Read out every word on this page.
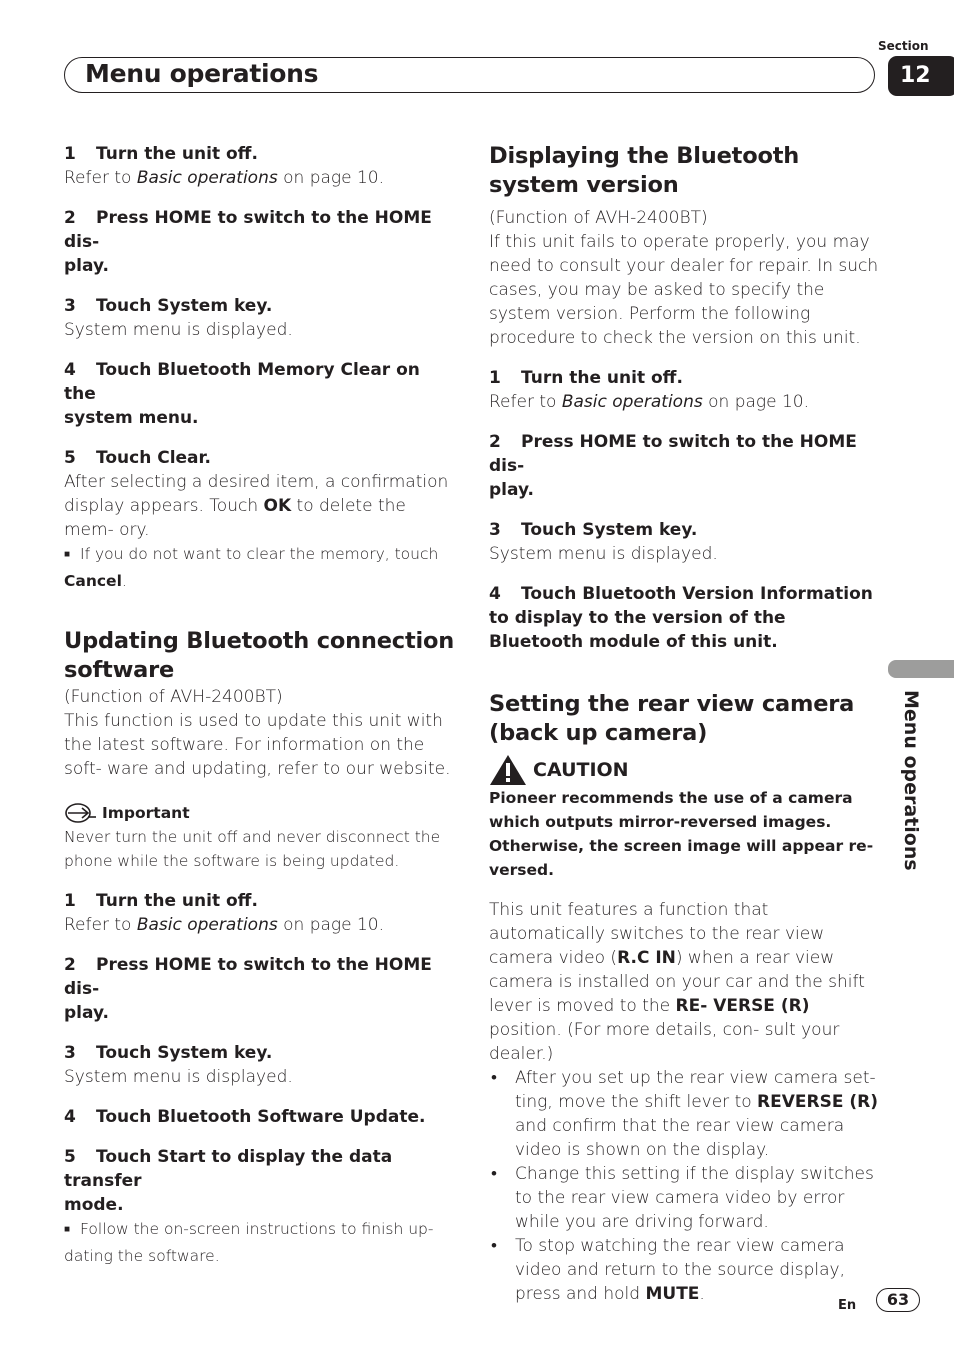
Section
12
Menu operations

1 Turn the unit off.

Refer to Basic operations on page 10.

2 Press HOME to switch to the HOME dis-
play.

3 Touch System key.

System menu is displayed.

4 Touch Bluetooth Memory Clear on the
system menu.

5 Touch Clear.

After selecting a desired item, a confirmation display appears. Touch OK to delete the mem- ory.

■ If you do not want to clear the memory, touch Cancel.

Updating Bluetooth connection
software

(Function of AVH-2400BT)

This function is used to update this unit with the latest software. For information on the soft- ware and updating, refer to our website.

Important

Never turn the unit off and never disconnect the phone while the software is being updated.

1 Turn the unit off.

Refer to Basic operations on page 10.

2 Press HOME to switch to the HOME dis-
play.

3 Touch System key.

System menu is displayed.

4 Touch Bluetooth Software Update.

5 Touch Start to display the data transfer
mode.

■ Follow the on-screen instructions to finish up-
dating the software.

Displaying the Bluetooth
system version

(Function of AVH-2400BT)

If this unit fails to operate properly, you may need to consult your dealer for repair. In such cases, you may be asked to specify the system version. Perform the following procedure to check the version on this unit.

1 Turn the unit off.

Refer to Basic operations on page 10.

2 Press HOME to switch to the HOME dis-
play.

3 Touch System key.

System menu is displayed.

4 Touch Bluetooth Version Information to display to the version of the Bluetooth module of this unit.

Setting the rear view camera
(back up camera)
CAUTION

Pioneer recommends the use of a camera which outputs mirror-reversed images. Otherwise, the screen image will appear re- versed.

This unit features a function that automatically switches to the rear view camera video (R.C IN) when a rear view camera is installed on your car and the shift lever is moved to the RE- VERSE (R) position. (For more details, con- sult your dealer.)

• After you set up the rear view camera set- ting, move the shift lever to REVERSE (R) and confirm that the rear view camera video is shown on the display.
• Change this setting if the display switches to the rear view camera video by error while you are driving forward.
• To stop watching the rear view camera video and return to the source display, press and hold MUTE.
Menu operations
En	63
